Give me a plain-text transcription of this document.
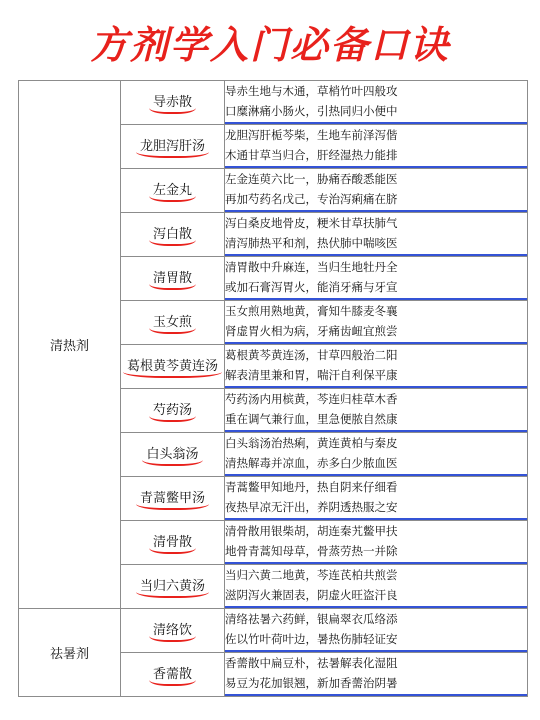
方剂学入门必备口诀
清热剂	导赤散	导赤生地与木通，草梢竹叶四般攻
口糜淋痛小肠火，引热同归小便中

	龙胆泻肝汤	龙胆泻肝栀芩柴，生地车前泽泻偕
木通甘草当归合，肝经湿热力能排

	左金丸	左金连萸六比一，胁痛吞酸悉能医
再加芍药名戊己，专治泻痢痛在脐

	泻白散	泻白桑皮地骨皮，粳米甘草扶肺气
清泻肺热平和剂，热伏肺中喘咳医

	清胃散	清胃散中升麻连，当归生地牡丹全
或加石膏泻胃火，能消牙痛与牙宣

	玉女煎	玉女煎用熟地黄，膏知牛膝麦冬襄
肾虚胃火相为病，牙痛齿衄宜煎尝

	葛根黄芩黄连汤	葛根黄芩黄连汤，甘草四般治二阳
解表清里兼和胃，喘汗自利保平康

	芍药汤	芍药汤内用槟黄，芩连归桂草木香
重在调气兼行血，里急便脓自然康

	白头翁汤	白头翁汤治热痢，黄连黄柏与秦皮
清热解毒并凉血，赤多白少脓血医

	青蒿鳖甲汤	青蒿鳖甲知地丹，热自阴来仔细看
夜热早凉无汗出，养阴透热服之安

	清骨散	清骨散用银柴胡，胡连秦艽鳖甲扶
地骨青蒿知母草，骨蒸劳热一并除

	当归六黄汤	当归六黄二地黄，芩连芪柏共煎尝
滋阴泻火兼固表，阴虚火旺盗汗良

祛暑剂	清络饮	清络祛暑六药鲜，银扁翠衣瓜络添
佐以竹叶荷叶边，暑热伤肺轻证安

	香薷散	香薷散中扁豆朴，祛暑解表化湿阻
易豆为花加银翘，新加香薷治阴暑
